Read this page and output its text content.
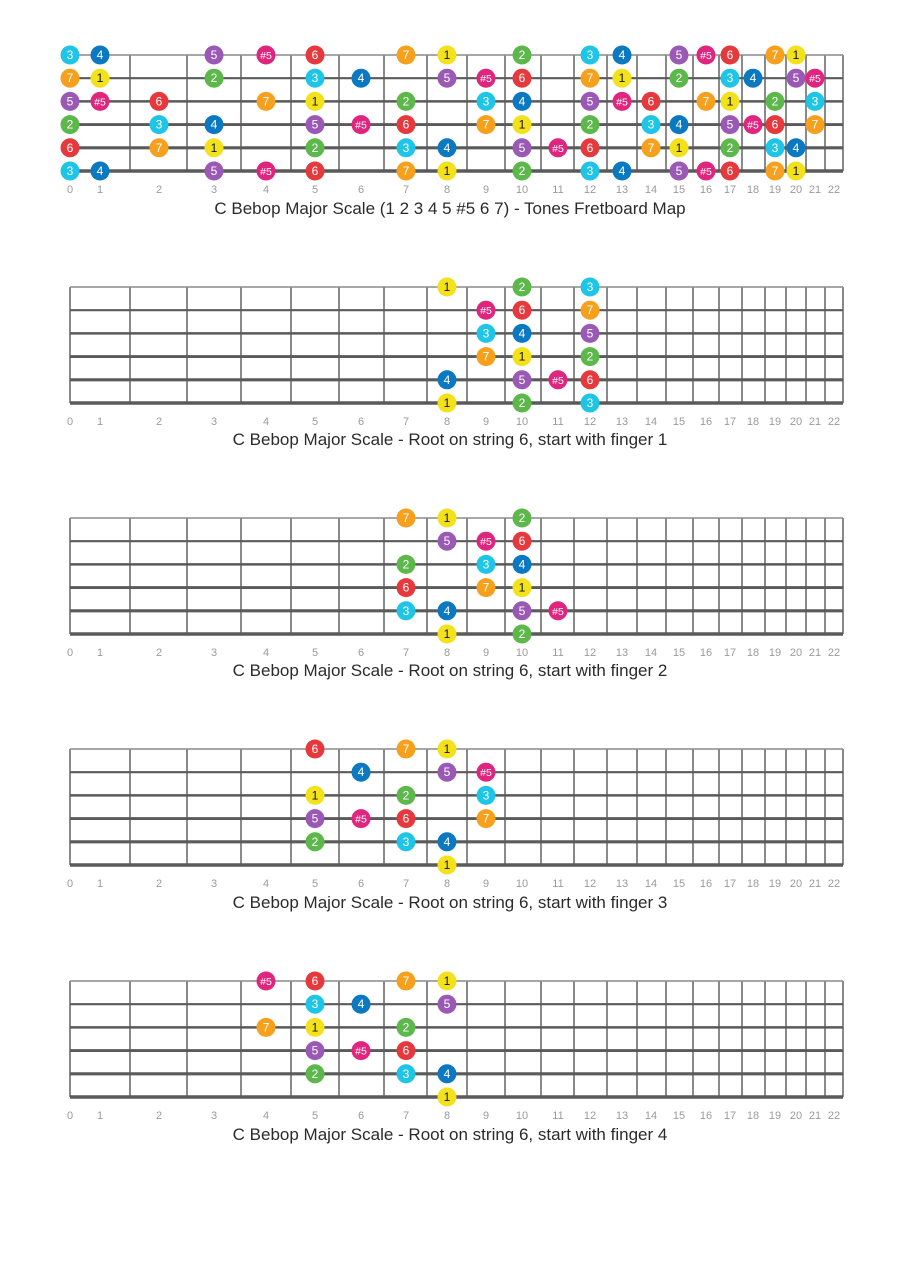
0 1	2	3	4	5	6	7	8	9 10 11 12 13 14 15 16 17 18 19 20 21 22
3 4	5	#5	6	7	1	2	3 4	5 #5 6	7 1
7 1	2	3	4	5	#5 6	7 1	2	3 4	5 #5
5 #5	6	7	1	2	3 4	5 #5 6	7 1	2	3
2	3	4	5	#5	6	7 1	2	3 4	5 #5 6	7
6	7	1	2	3	4	5	#5 6	7 1	2	3 4
3 4	5	#5	6	7	1	2	3 4	5 #5 6	7 1
0 1	2	3	4	5	6	7	8	9 10 11 12 13 14 15 16 17 18 19 20 21 22
1	2	3
#5 6	7
3 4	5
7 1	2
4	5	#5 6
1	2	3
0 1	2	3	4	5	6	7	8	9 10 11 12 13 14 15 16 17 18 19 20 21 22
7	1	2
5	#5 6
2	3 4
6	7 1
3	4	5	#5
1	2
0 1	2	3	4	5	6	7	8	9 10 11 12 13 14 15 16 17 18 19 20 21 22
6	7	1
4	5	#5
1	2	3
5	#5	6	7
2	3	4
1
0 1	2	3	4	5	6	7	8	9 10 11 12 13 14 15 16 17 18 19 20 21 22
#5	6	7	1
3	4	5
7	1	2
5	#5	6
2	3	4
1
C Bebop Major Scale (1 2 3 4 5 #5 6 7) - Tones Fretboard Map
C Bebop Major Scale - Root on string 6, start with finger 1
C Bebop Major Scale - Root on string 6, start with finger 2
C Bebop Major Scale - Root on string 6, start with finger 3
C Bebop Major Scale - Root on string 6, start with finger 4
